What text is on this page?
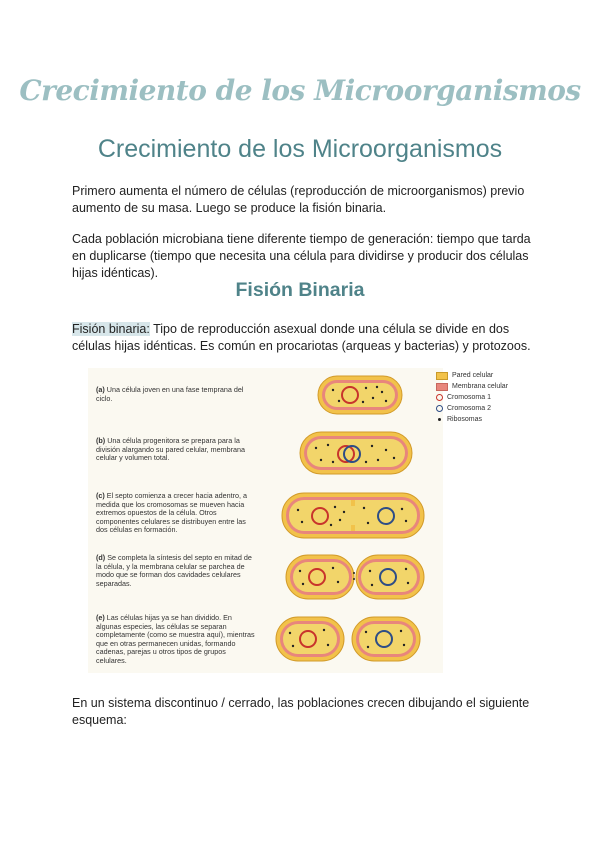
Crecimiento de los Microorganismos
Crecimiento de los Microorganismos
Primero aumenta el número de células (reproducción de microorganismos) previo aumento de su masa. Luego se produce la fisión binaria.
Cada población microbiana tiene diferente tiempo de generación: tiempo que tarda en duplicarse (tiempo que necesita una célula para dividirse y producir dos células hijas idénticas).
Fisión Binaria
Fisión binaria: Tipo de reproducción asexual donde una célula se divide en dos células hijas idénticas. Es común en procariotas (arqueas y bacterias) y protozoos.
(a) Una célula joven en una fase temprana del ciclo.
(b) Una célula progenitora se prepara para la división alargando su pared celular, membrana celular y volumen total.
(c) El septo comienza a crecer hacia adentro, a medida que los cromosomas se mueven hacia extremos opuestos de la célula. Otros componentes celulares se distribuyen entre las dos células en formación.
(d) Se completa la síntesis del septo en mitad de la célula, y la membrana celular se parchea de modo que se forman dos cavidades celulares separadas.
(e) Las células hijas ya se han dividido. En algunas especies, las células se separan completamente (como se muestra aquí), mientras que en otras permanecen unidas, formando cadenas, parejas u otros tipos de grupos celulares.
Pared celular
Membrana celular
Cromosoma 1
Cromosoma 2
Ribosomas
En un sistema discontinuo / cerrado, las poblaciones crecen dibujando el siguiente esquema:
